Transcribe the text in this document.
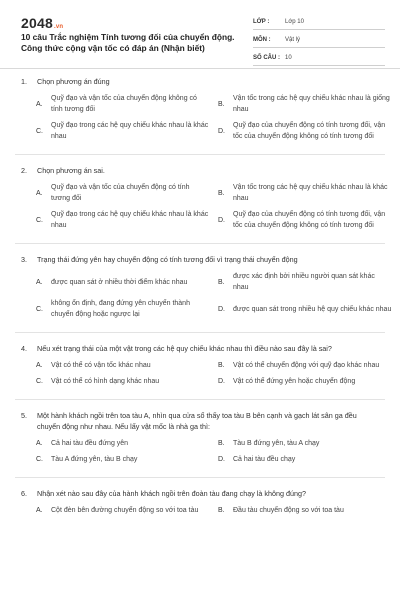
2048.vn
10 câu Trắc nghiệm Tính tương đối của chuyển động. Công thức cộng vận tốc có đáp án (Nhận biết)
LỚP :	Lớp 10
MÔN :	Vật lý
SỐ CÂU : 10
1.	Chọn phương án đúng
A.
Quỹ đạo và vận tốc của chuyển động không có tính tương đối
B.
Vận tốc trong các hệ quy chiếu khác nhau là giống nhau
C.
Quỹ đạo trong các hệ quy chiếu khác nhau là khác nhau
D.
Quỹ đạo của chuyển động có tính tương đối, vận tốc của chuyển động không có tính tương đối
2.	Chọn phương án sai.
A.
Quỹ đạo và vận tốc của chuyển động có tính tương đối
B.
Vận tốc trong các hệ quy chiếu khác nhau là khác nhau
C.
Quỹ đạo trong các hệ quy chiếu khác nhau là khác nhau
D.
Quỹ đạo của chuyển động có tính tương đối, vận tốc của chuyển động không có tính tương đối
3.	Trạng thái đứng yên hay chuyển động có tính tương đối vì trạng thái chuyển động
A.	được quan sát ở nhiều thời điểm khác nhau	B.
được xác định bởi nhiều người quan sát khác nhau
C.
không ổn định, đang đứng yên chuyển thành chuyển động hoặc ngược lại
D.	được quan sát trong nhiều hệ quy chiếu khác nhau
4.	Nếu xét trạng thái của một vật trong các hệ quy chiếu khác nhau thì điều nào sau đây là sai?
A.	Vật có thể có vận tốc khác nhau	B.	Vật có thể chuyển động với quỹ đạo khác nhau
C.	Vật có thể có hình dạng khác nhau	D.	Vật có thể đứng yên hoặc chuyển động
5.	Một hành khách ngồi trên toa tàu A, nhìn qua cửa sổ thấy toa tàu B bên cạnh và gạch lát sân ga đều chuyển động như nhau. Nếu lấy vật mốc là nhà ga thì:
A.	Cả hai tàu đều đứng yên	B.	Tàu B đứng yên, tàu A chạy
C.	Tàu A đứng yên, tàu B chạy	D.	Cả hai tàu đều chạy
6.	Nhận xét nào sau đây của hành khách ngồi trên đoàn tàu đang chạy là không đúng?
A.	Cột đèn bên đường chuyển động so với toa tàu	B.	Đầu tàu chuyển động so với toa tàu
